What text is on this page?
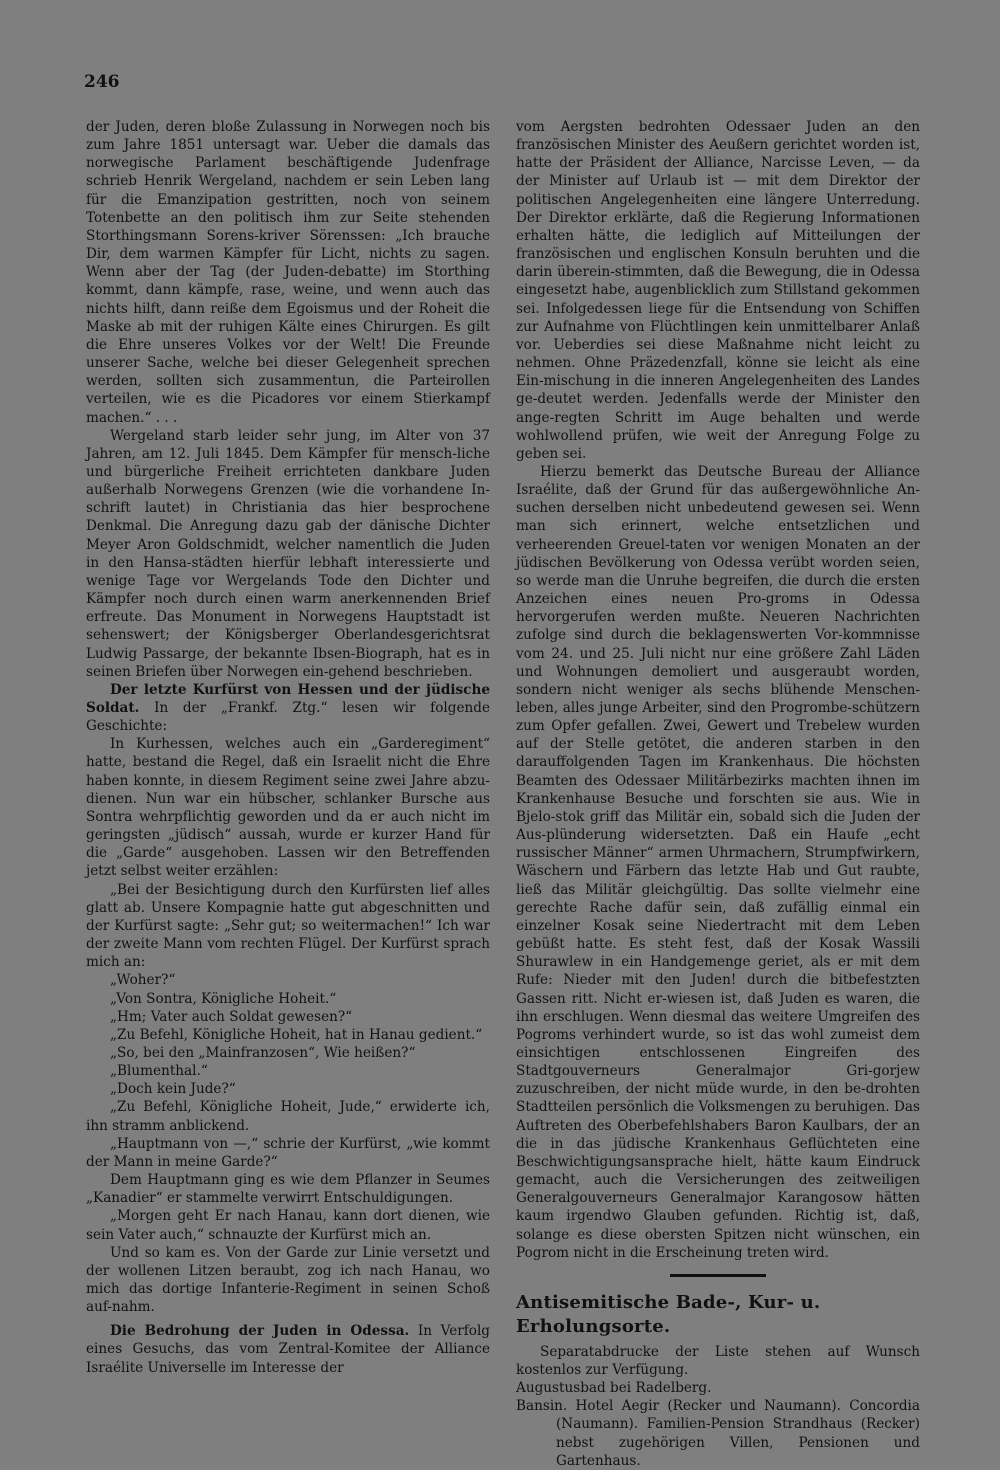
246

der Juden, deren bloße Zulassung in Norwegen noch bis zum Jahre 1851 untersagt war. Ueber die damals das norwegische Parlament beschäftigende Judenfrage schrieb Henrik Wergeland, nachdem er sein Leben lang für die Emanzipation gestritten, noch von seinem Totenbette an den politisch ihm zur Seite stehenden Storthingsmann Sorens-kriver Sörenssen: „Ich brauche Dir, dem warmen Kämpfer für Licht, nichts zu sagen. Wenn aber der Tag (der Juden-debatte) im Storthing kommt, dann kämpfe, rase, weine, und wenn auch das nichts hilft, dann reiße dem Egoismus und der Roheit die Maske ab mit der ruhigen Kälte eines Chirurgen. Es gilt die Ehre unseres Volkes vor der Welt! Die Freunde unserer Sache, welche bei dieser Gelegenheit sprechen werden, sollten sich zusammentun, die Parteirollen verteilen, wie es die Picadores vor einem Stierkampf machen.“ . . .

Wergeland starb leider sehr jung, im Alter von 37 Jahren, am 12. Juli 1845. Dem Kämpfer für mensch-liche und bürgerliche Freiheit errichteten dankbare Juden außerhalb Norwegens Grenzen (wie die vorhandene In-schrift lautet) in Christiania das hier besprochene Denkmal. Die Anregung dazu gab der dänische Dichter Meyer Aron Goldschmidt, welcher namentlich die Juden in den Hansa-städten hierfür lebhaft interessierte und wenige Tage vor Wergelands Tode den Dichter und Kämpfer noch durch einen warm anerkennenden Brief erfreute. Das Monument in Norwegens Hauptstadt ist sehenswert; der Königsberger Oberlandesgerichtsrat Ludwig Passarge, der bekannte Ibsen-Biograph, hat es in seinen Briefen über Norwegen ein-gehend beschrieben.

Der letzte Kurfürst von Hessen und der jüdische Soldat. In der „Frankf. Ztg.“ lesen wir folgende Geschichte:

In Kurhessen, welches auch ein „Garderegiment“ hatte, bestand die Regel, daß ein Israelit nicht die Ehre haben konnte, in diesem Regiment seine zwei Jahre abzu-dienen. Nun war ein hübscher, schlanker Bursche aus Sontra wehrpflichtig geworden und da er auch nicht im geringsten „jüdisch“ aussah, wurde er kurzer Hand für die „Garde“ ausgehoben. Lassen wir den Betreffenden jetzt selbst weiter erzählen:

„Bei der Besichtigung durch den Kurfürsten lief alles glatt ab. Unsere Kompagnie hatte gut abgeschnitten und der Kurfürst sagte: „Sehr gut; so weitermachen!“ Ich war der zweite Mann vom rechten Flügel. Der Kurfürst sprach mich an:

„Woher?“

„Von Sontra, Königliche Hoheit.“

„Hm; Vater auch Soldat gewesen?“

„Zu Befehl, Königliche Hoheit, hat in Hanau gedient.“

„So, bei den „Mainfranzosen“, Wie heißen?“

„Blumenthal.“

„Doch kein Jude?“

„Zu Befehl, Königliche Hoheit, Jude,“ erwiderte ich, ihn stramm anblickend.

„Hauptmann von —,“ schrie der Kurfürst, „wie kommt der Mann in meine Garde?“

Dem Hauptmann ging es wie dem Pflanzer in Seumes „Kanadier“ er stammelte verwirrt Entschuldigungen.

„Morgen geht Er nach Hanau, kann dort dienen, wie sein Vater auch,“ schnauzte der Kurfürst mich an.

Und so kam es. Von der Garde zur Linie versetzt und der wollenen Litzen beraubt, zog ich nach Hanau, wo mich das dortige Infanterie-Regiment in seinen Schoß auf-nahm.

Die Bedrohung der Juden in Odessa. In Verfolg eines Gesuchs, das vom Zentral-Komitee der Alliance Israélite Universelle im Interesse der

vom Aergsten bedrohten Odessaer Juden an den französischen Minister des Aeußern gerichtet worden ist, hatte der Präsident der Alliance, Narcisse Leven, — da der Minister auf Urlaub ist — mit dem Direktor der politischen Angelegenheiten eine längere Unterredung. Der Direktor erklärte, daß die Regierung Informationen erhalten hätte, die lediglich auf Mitteilungen der französischen und englischen Konsuln beruhten und die darin überein-stimmten, daß die Bewegung, die in Odessa eingesetzt habe, augenblicklich zum Stillstand gekommen sei. Infolgedessen liege für die Entsendung von Schiffen zur Aufnahme von Flüchtlingen kein unmittelbarer Anlaß vor. Ueberdies sei diese Maßnahme nicht leicht zu nehmen. Ohne Präzedenzfall, könne sie leicht als eine Ein-mischung in die inneren Angelegenheiten des Landes ge-deutet werden. Jedenfalls werde der Minister den ange-regten Schritt im Auge behalten und werde wohlwollend prüfen, wie weit der Anregung Folge zu geben sei.

Hierzu bemerkt das Deutsche Bureau der Alliance Israélite, daß der Grund für das außergewöhnliche An-suchen derselben nicht unbedeutend gewesen sei. Wenn man sich erinnert, welche entsetzlichen und verheerenden Greuel-taten vor wenigen Monaten an der jüdischen Bevölkerung von Odessa verübt worden seien, so werde man die Unruhe begreifen, die durch die ersten Anzeichen eines neuen Pro-groms in Odessa hervorgerufen werden mußte. Neueren Nachrichten zufolge sind durch die beklagenswerten Vor-kommnisse vom 24. und 25. Juli nicht nur eine größere Zahl Läden und Wohnungen demoliert und ausgeraubt worden, sondern nicht weniger als sechs blühende Menschen-leben, alles junge Arbeiter, sind den Progrombe-schützern zum Opfer gefallen. Zwei, Gewert und Trebelew wurden auf der Stelle getötet, die anderen starben in den darauffolgenden Tagen im Krankenhaus. Die höchsten Beamten des Odessaer Militärbezirks machten ihnen im Krankenhause Besuche und forschten sie aus. Wie in Bjelo-stok griff das Militär ein, sobald sich die Juden der Aus-plünderung widersetzten. Daß ein Haufe „echt russischer Männer“ armen Uhrmachern, Strumpfwirkern, Wäschern und Färbern das letzte Hab und Gut raubte, ließ das Militär gleichgültig. Das sollte vielmehr eine gerechte Rache dafür sein, daß zufällig einmal ein einzelner Kosak seine Niedertracht mit dem Leben gebüßt hatte. Es steht fest, daß der Kosak Wassili Shurawlew in ein Handgemenge geriet, als er mit dem Rufe: Nieder mit den Juden! durch die bitbefestzten Gassen ritt. Nicht er-wiesen ist, daß Juden es waren, die ihn erschlugen. Wenn diesmal das weitere Umgreifen des Pogroms verhindert wurde, so ist das wohl zumeist dem einsichtigen entschlossenen Eingreifen des Stadtgouverneurs Generalmajor Gri-gorjew zuzuschreiben, der nicht müde wurde, in den be-drohten Stadtteilen persönlich die Volksmengen zu beruhigen. Das Auftreten des Oberbefehlshabers Baron Kaulbars, der an die in das jüdische Krankenhaus Geflüchteten eine Beschwichtigungsansprache hielt, hätte kaum Eindruck gemacht, auch die Versicherungen des zeitweiligen Generalgouverneurs Generalmajor Karangosow hätten kaum irgendwo Glauben gefunden. Richtig ist, daß, solange es diese obersten Spitzen nicht wünschen, ein Pogrom nicht in die Erscheinung treten wird.

Antisemitische Bade-, Kur- u. Erholungsorte.

Separatabdrucke der Liste stehen auf Wunsch kostenlos zur Verfügung.

Augustusbad bei Radelberg.

Bansin. Hotel Aegir (Recker und Naumann). Concordia (Naumann). Familien-Pension Strandhaus (Recker) nebst zugehörigen Villen, Pensionen und Gartenhaus.
